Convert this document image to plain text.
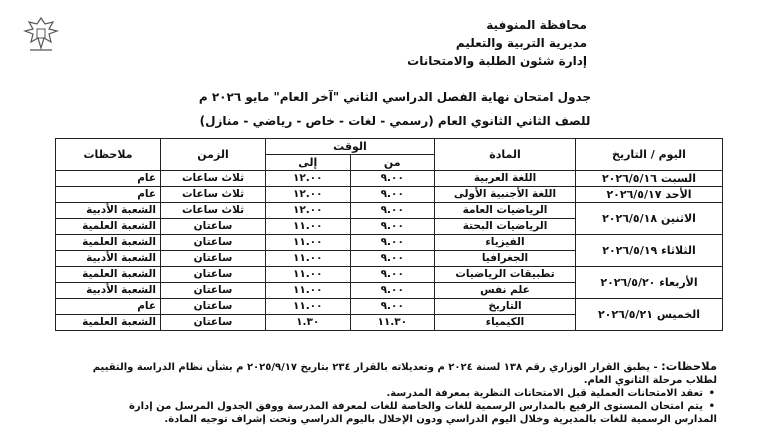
محافظة المنوفية
مديرية التربية والتعليم
إدارة شئون الطلبة والامتحانات
جدول امتحان نهاية الفصل الدراسي الثاني "آخر العام" مايو ٢٠٢٦ م
للصف الثاني الثانوي العام (رسمي - لغات - خاص - رياضي - منازل)
اليوم / التاريخ	المادة	الوقت		الزمن	ملاحظات
		من	إلى		
السبت ٢٠٢٦/٥/١٦	اللغة العربية	٩.٠٠	١٢.٠٠	ثلاث ساعات	عام
الأحد ٢٠٢٦/٥/١٧	اللغة الأجنبية الأولى	٩.٠٠	١٢.٠٠	ثلاث ساعات	عام
الاثنين ٢٠٢٦/٥/١٨	الرياضيات العامة	٩.٠٠	١٢.٠٠	ثلاث ساعات	الشعبة الأدبية
	الرياضيات البحتة	٩.٠٠	١١.٠٠	ساعتان	الشعبة العلمية
الثلاثاء ٢٠٢٦/٥/١٩	الفيزياء	٩.٠٠	١١.٠٠	ساعتان	الشعبة العلمية
	الجغرافيا	٩.٠٠	١١.٠٠	ساعتان	الشعبة الأدبية
الأربعاء ٢٠٢٦/٥/٢٠	تطبيقات الرياضيات	٩.٠٠	١١.٠٠	ساعتان	الشعبة العلمية
	علم نفس	٩.٠٠	١١.٠٠	ساعتان	الشعبة الأدبية
الخميس ٢٠٢٦/٥/٢١	التاريخ	٩.٠٠	١١.٠٠	ساعتان	عام
	الكيمياء	١١.٣٠	١.٣٠	ساعتان	الشعبة العلمية
ملاحظات: - يطبق القرار الوزاري رقم ١٣٨ لسنة ٢٠٢٤ م وتعديلاته بالقرار ٢٣٤ بتاريخ ٢٠٢٥/٩/١٧ م بشأن نظام الدراسة والتقييم
لطلاب مرحلة الثانوي العام.
• تعقد الامتحانات العملية قبل الامتحانات النظرية بمعرفة المدرسة.
• يتم امتحان المستوى الرفيع بالمدارس الرسمية للغات والخاصة للغات لمعرفة المدرسة ووفق الجدول المرسل من إدارة
المدارس الرسمية للغات بالمديرية وخلال اليوم الدراسي ودون الإخلال باليوم الدراسي وتحت إشراف توجيه المادة.
